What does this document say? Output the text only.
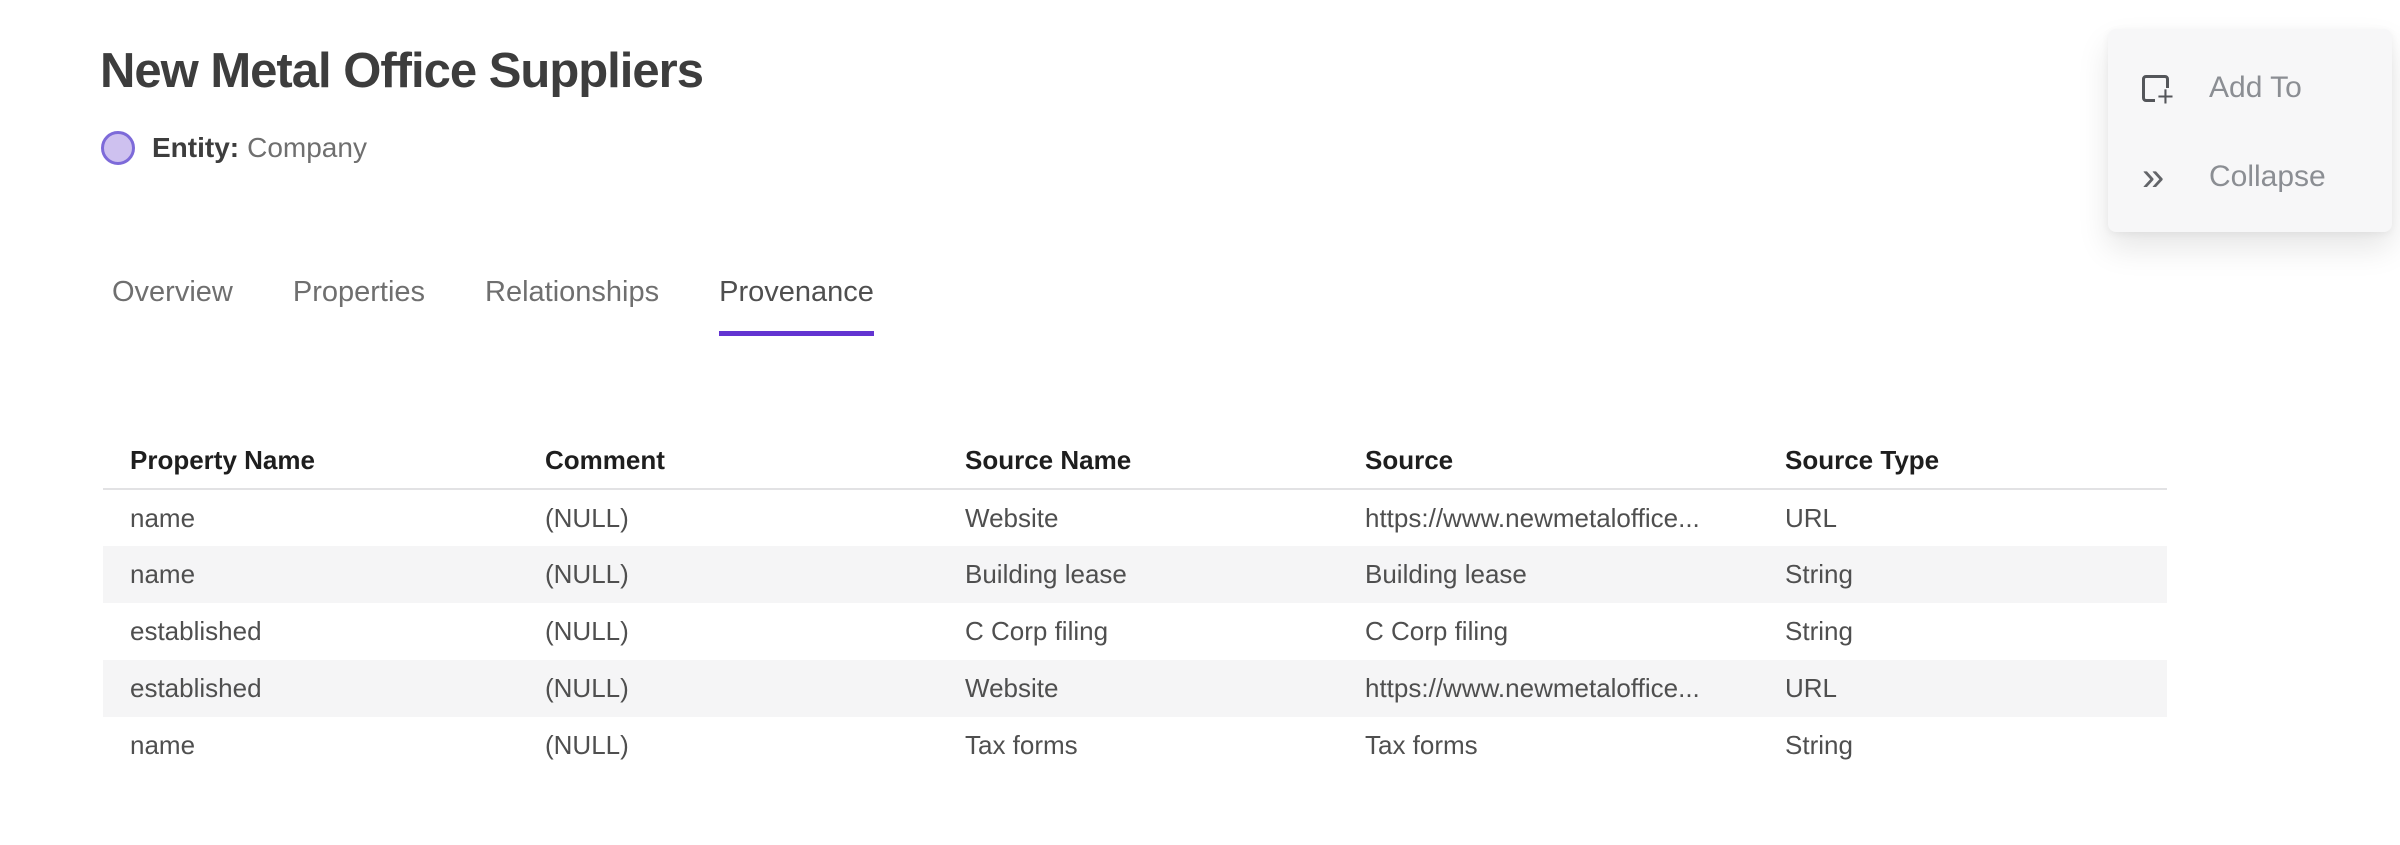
New Metal Office Suppliers
Entity: Company
+ Add To
» Collapse
Overview Properties Relationships Provenance
Property Name	Comment	Source Name	Source	Source Type
name	(NULL)	Website	https://www.newmetaloffice...	URL
name	(NULL)	Building lease	Building lease	String
established	(NULL)	C Corp filing	C Corp filing	String
established	(NULL)	Website	https://www.newmetaloffice...	URL
name	(NULL)	Tax forms	Tax forms	String
